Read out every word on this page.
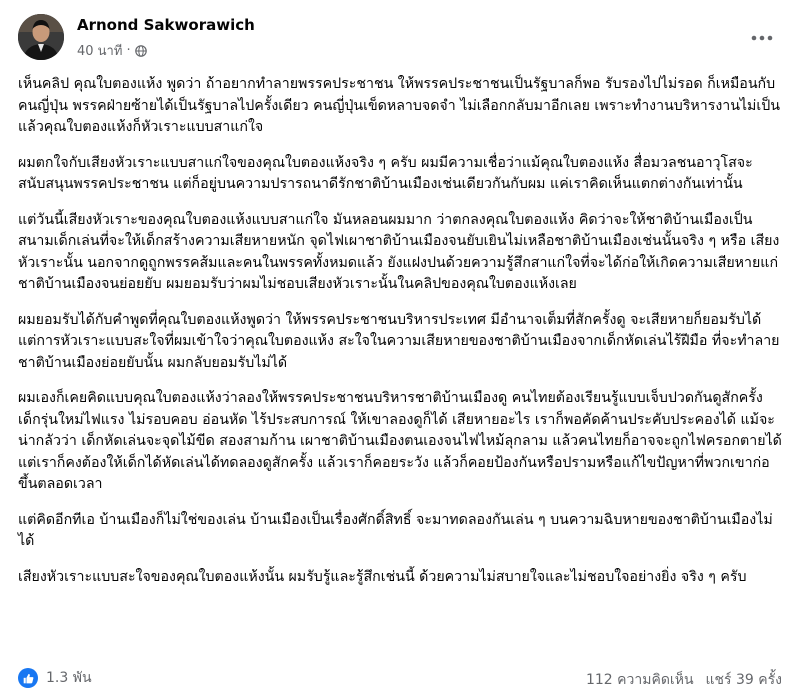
Arnond Sakworawich
40 นาที ·

เห็นคลิป คุณใบตองแห้ง พูดว่า ถ้าอยากทำลายพรรคประชาชน ให้พรรคประชาชนเป็นรัฐบาลก็พอ รับรองไปไม่รอด ก็เหมือนกับคนญี่ปุ่น พรรคฝ่ายซ้ายได้เป็นรัฐบาลไปครั้งเดียว คนญี่ปุ่นเข็ดหลาบจดจำ ไม่เลือกกลับมาอีกเลย เพราะทำงานบริหารงานไม่เป็น แล้วคุณใบตองแห้งก็หัวเราะแบบสาแก่ใจ

ผมตกใจกับเสียงหัวเราะแบบสาแก่ใจของคุณใบตองแห้งจริง ๆ ครับ ผมมีความเชื่อว่าแม้คุณใบตองแห้ง สื่อมวลชนอาวุโสจะสนับสนุนพรรคประชาชน แต่ก็อยู่บนความปรารถนาดีรักชาติบ้านเมืองเช่นเดียวกันกับผม แค่เราคิดเห็นแตกต่างกันเท่านั้น

แต่วันนี้เสียงหัวเราะของคุณใบตองแห้งแบบสาแก่ใจ มันหลอนผมมาก ว่าตกลงคุณใบตองแห้ง คิดว่าจะให้ชาติบ้านเมืองเป็นสนามเด็กเล่นที่จะให้เด็กสร้างความเสียหายหนัก จุดไฟเผาชาติบ้านเมืองจนยับเยินไม่เหลือชาติบ้านเมืองเช่นนั้นจริง ๆ หรือ เสียงหัวเราะนั้น นอกจากดูถูกพรรคส้มและคนในพรรคทั้งหมดแล้ว ยังแฝงปนด้วยความรู้สึกสาแก่ใจที่จะได้ก่อให้เกิดความเสียหายแก่ชาติบ้านเมืองจนย่อยยับ ผมยอมรับว่าผมไม่ชอบเสียงหัวเราะนั้นในคลิปของคุณใบตองแห้งเลย

ผมยอมรับได้กับคำพูดที่คุณใบตองแห้งพูดว่า ให้พรรคประชาชนบริหารประเทศ มีอำนาจเต็มที่สักครั้งดู จะเสียหายก็ยอมรับได้ แต่การหัวเราะแบบสะใจที่ผมเข้าใจว่าคุณใบตองแห้ง สะใจในความเสียหายของชาติบ้านเมืองจากเด็กหัดเล่นไร้ฝีมือ ที่จะทำลายชาติบ้านเมืองย่อยยับนั้น ผมกลับยอมรับไม่ได้

ผมเองก็เคยคิดแบบคุณใบตองแห้งว่าลองให้พรรคประชาชนบริหารชาติบ้านเมืองดู คนไทยต้องเรียนรู้แบบเจ็บปวดกันดูสักครั้ง เด็กรุ่นใหม่ไฟแรง ไม่รอบคอบ อ่อนหัด ไร้ประสบการณ์ ให้เขาลองดูก็ได้ เสียหายอะไร เราก็พอคัดค้านประคับประคองได้ แม้จะน่ากลัวว่า เด็กหัดเล่นจะจุดไม้ขีด สองสามก้าน เผาชาติบ้านเมืองตนเองจนไฟไหม้ลุกลาม แล้วคนไทยก็อาจจะถูกไฟครอกตายได้ แต่เราก็คงต้องให้เด็กได้หัดเล่นได้ทดลองดูสักครั้ง แล้วเราก็คอยระวัง แล้วก็คอยป้องกันหรือปรามหรือแก้ไขปัญหาที่พวกเขาก่อขึ้นตลอดเวลา

แต่คิดอีกทีเอ บ้านเมืองก็ไม่ใช่ของเล่น บ้านเมืองเป็นเรื่องศักดิ์สิทธิ์ จะมาทดลองกันเล่น ๆ บนความฉิบหายของชาติบ้านเมืองไม่ได้

เสียงหัวเราะแบบสะใจของคุณใบตองแห้งนั้น ผมรับรู้และรู้สึกเช่นนี้ ด้วยความไม่สบายใจและไม่ชอบใจอย่างยิ่ง จริง ๆ ครับ

1.3 พัน	112 ความคิดเห็น แชร์ 39 ครั้ง
